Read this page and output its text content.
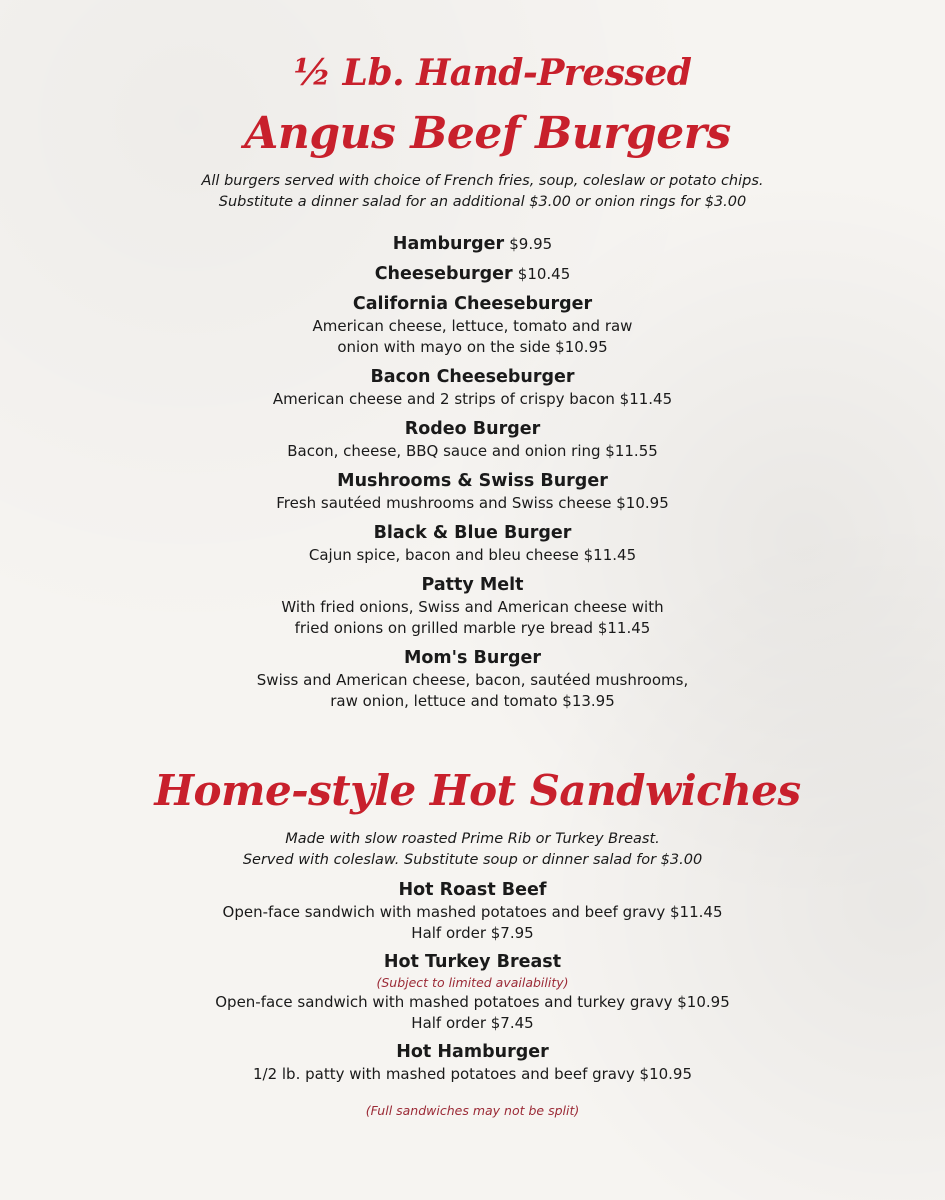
½ Lb. Hand-Pressed
Angus Beef Burgers
All burgers served with choice of French fries, soup, coleslaw or potato chips.
Substitute a dinner salad for an additional $3.00 or onion rings for $3.00
Hamburger $9.95
Cheeseburger $10.45
California Cheeseburger
American cheese, lettuce, tomato and raw
onion with mayo on the side $10.95
Bacon Cheeseburger
American cheese and 2 strips of crispy bacon $11.45
Rodeo Burger
Bacon, cheese, BBQ sauce and onion ring $11.55
Mushrooms & Swiss Burger
Fresh sautéed mushrooms and Swiss cheese $10.95
Black & Blue Burger
Cajun spice, bacon and bleu cheese $11.45
Patty Melt
With fried onions, Swiss and American cheese with
fried onions on grilled marble rye bread $11.45
Mom's Burger
Swiss and American cheese, bacon, sautéed mushrooms,
raw onion, lettuce and tomato $13.95
Home-style Hot Sandwiches
Made with slow roasted Prime Rib or Turkey Breast.
Served with coleslaw. Substitute soup or dinner salad for $3.00
Hot Roast Beef
Open-face sandwich with mashed potatoes and beef gravy $11.45
Half order $7.95
Hot Turkey Breast
(Subject to limited availability)
Open-face sandwich with mashed potatoes and turkey gravy $10.95
Half order $7.45
Hot Hamburger
1/2 lb. patty with mashed potatoes and beef gravy $10.95
(Full sandwiches may not be split)
